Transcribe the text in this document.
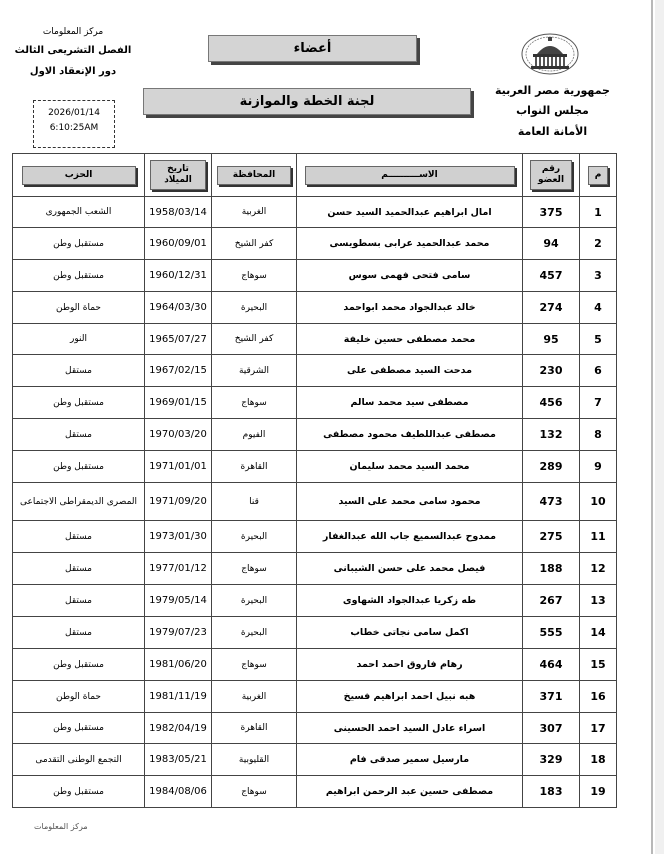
مركز المعلومات
الفصل التشريعى الثالث
دور الإنعقاد الاول
2026/01/14
6:10:25AM
أعضاء
لجنة الخطة والموازنة
جمهورية مصر العربية
مجلس النواب
الأمانة العامة
م	رقم العضو	الاســــــــــم	المحافظة	تاريخ الميلاد	الحزب
1	375	امال ابراهيم عبدالحميد السيد حسن	الغربية	1958/03/14	الشعب الجمهورى
2	94	محمد عبدالحميد عرابى بسطويسى	كفر الشيخ	1960/09/01	مستقبل وطن
3	457	سامى فتحى فهمى سوس	سوهاج	1960/12/31	مستقبل وطن
4	274	خالد عبدالجواد محمد ابواحمد	البحيرة	1964/03/30	حماة الوطن
5	95	محمد مصطفى حسين خليفة	كفر الشيخ	1965/07/27	النور
6	230	مدحت السيد مصطفى على	الشرقية	1967/02/15	مستقل
7	456	مصطفى سيد محمد سالم	سوهاج	1969/01/15	مستقبل وطن
8	132	مصطفى عبداللطيف محمود مصطفى	الفيوم	1970/03/20	مستقل
9	289	محمد السيد محمد سليمان	القاهرة	1971/01/01	مستقبل وطن
10	473	محمود سامى محمد على السيد	قنا	1971/09/20	المصرى الديمقراطى الاجتماعى
11	275	ممدوح عبدالسميع جاب الله عبدالغفار	البحيرة	1973/01/30	مستقل
12	188	فيصل محمد على حسن الشيبانى	سوهاج	1977/01/12	مستقل
13	267	طه زكريا عبدالجواد الشهاوى	البحيرة	1979/05/14	مستقل
14	555	اكمل سامى نجاتى خطاب	البحيرة	1979/07/23	مستقل
15	464	رهام فاروق احمد احمد	سوهاج	1981/06/20	مستقبل وطن
16	371	هبه نبيل احمد ابراهيم فسيخ	الغربية	1981/11/19	حماة الوطن
17	307	اسراء عادل السيد احمد الحسينى	القاهرة	1982/04/19	مستقبل وطن
18	329	مارسيل سمير صدقى فام	القليوبية	1983/05/21	التجمع الوطنى التقدمى
19	183	مصطفى حسين عبد الرحمن ابراهيم	سوهاج	1984/08/06	مستقبل وطن
مركز المعلومات
